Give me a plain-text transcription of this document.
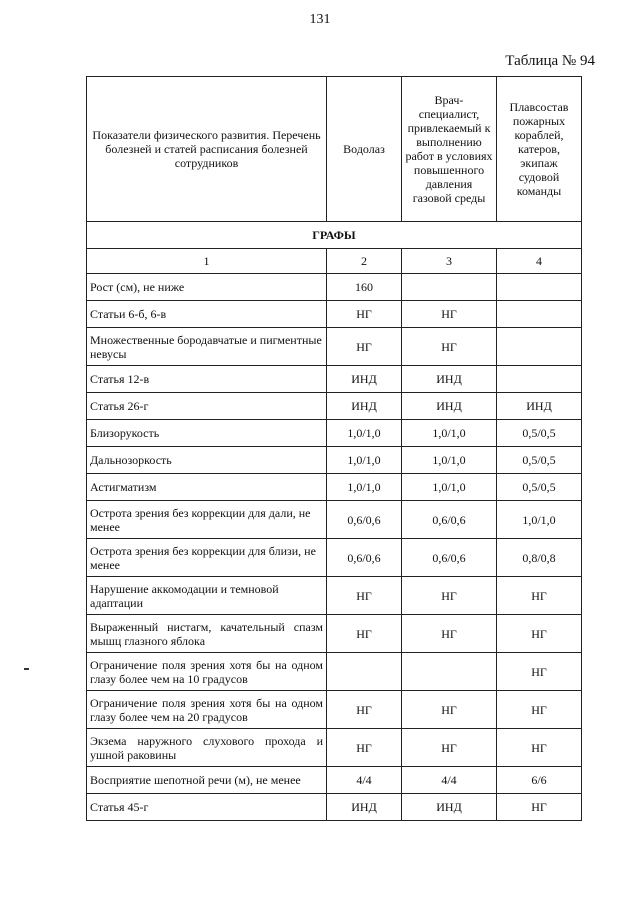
131
Таблица № 94
Показатели физического развития. Перечень болезней и статей расписания болезней сотрудников	Водолаз	Врач-специалист, привлекаемый к выполнению работ в условиях повышенного давления газовой среды	Плавсостав пожарных кораблей, катеров, экипаж судовой команды
ГРАФЫ			
1	2	3	4
Рост (см), не ниже	160		
Статьи 6-б, 6-в	НГ	НГ	
Множественные бородавчатые и пигментные невусы	НГ	НГ	
Статья 12-в	ИНД	ИНД	
Статья 26-г	ИНД	ИНД	ИНД
Близорукость	1,0/1,0	1,0/1,0	0,5/0,5
Дальнозоркость	1,0/1,0	1,0/1,0	0,5/0,5
Астигматизм	1,0/1,0	1,0/1,0	0,5/0,5
Острота зрения без коррекции для дали, не менее	0,6/0,6	0,6/0,6	1,0/1,0
Острота зрения без коррекции для близи, не менее	0,6/0,6	0,6/0,6	0,8/0,8
Нарушение аккомодации и темновой адаптации	НГ	НГ	НГ
Выраженный нистагм, качательный спазм мышц глазного яблока	НГ	НГ	НГ
Ограничение поля зрения хотя бы на одном глазу более чем на 10 градусов			НГ
Ограничение поля зрения хотя бы на одном глазу более чем на 20 градусов	НГ	НГ	НГ
Экзема наружного слухового прохода и ушной раковины	НГ	НГ	НГ
Восприятие шепотной речи (м), не менее	4/4	4/4	6/6
Статья 45-г	ИНД	ИНД	НГ
